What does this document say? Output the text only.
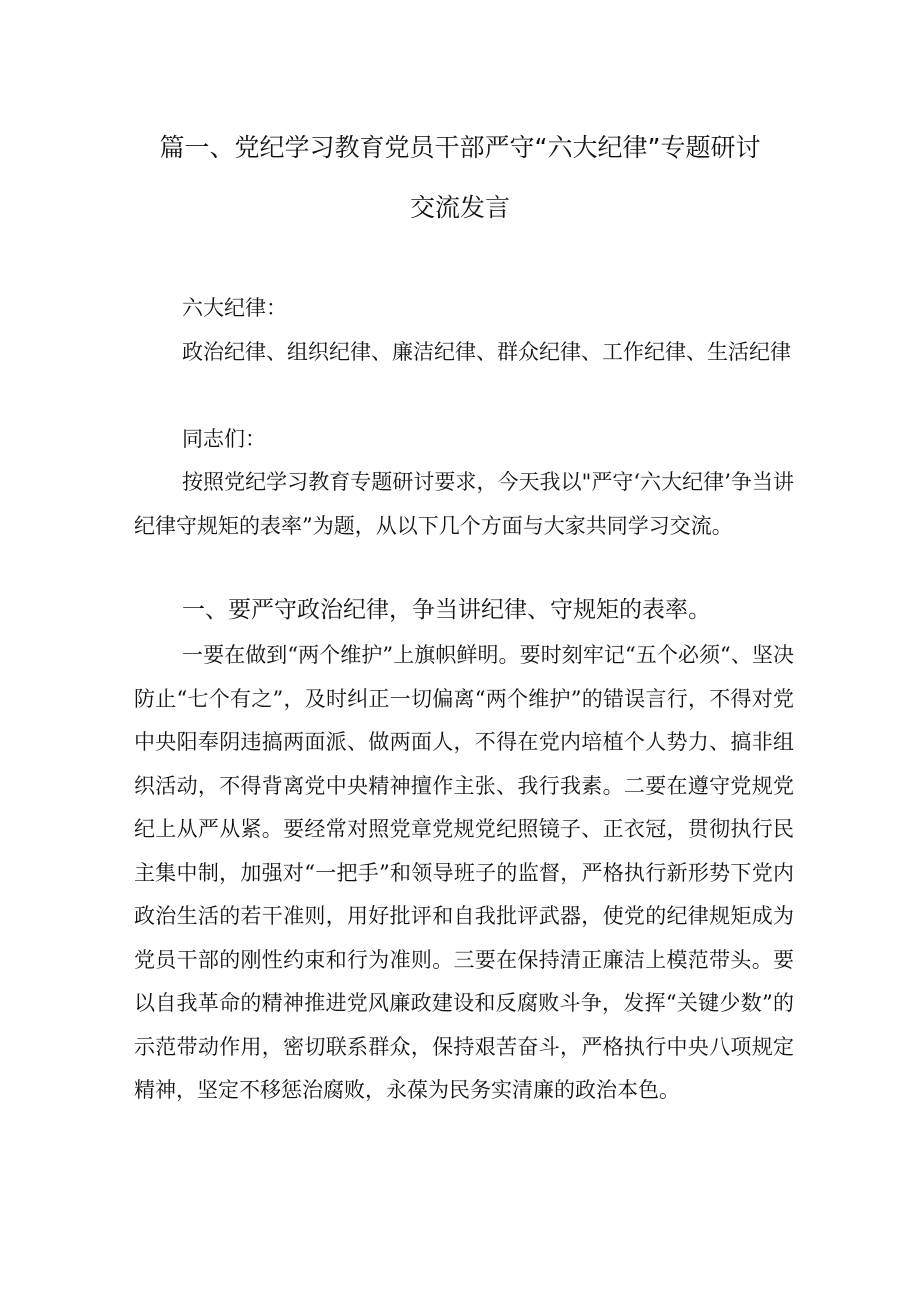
篇一、党纪学习教育党员干部严守“六大纪律”专题研讨
交流发言

六大纪律：

政治纪律、组织纪律、廉洁纪律、群众纪律、工作纪律、生活纪律

同志们：

按照党纪学习教育专题研讨要求，今天我以"严守‘六大纪律’争当讲纪律守规矩的表率”为题，从以下几个方面与大家共同学习交流。

一、要严守政治纪律，争当讲纪律、守规矩的表率。

一要在做到“两个维护”上旗帜鲜明。要时刻牢记“五个必须“、坚决防止“七个有之”，及时纠正一切偏离“两个维护”的错误言行，不得对党中央阳奉阴违搞两面派、做两面人，不得在党内培植个人势力、搞非组织活动，不得背离党中央精神擅作主张、我行我素。二要在遵守党规党纪上从严从紧。要经常对照党章党规党纪照镜子、正衣冠，贯彻执行民主集中制，加强对“一把手”和领导班子的监督，严格执行新形势下党内政治生活的若干准则，用好批评和自我批评武器，使党的纪律规矩成为党员干部的刚性约束和行为准则。三要在保持清正廉洁上模范带头。要以自我革命的精神推进党风廉政建设和反腐败斗争，发挥“关键少数”的示范带动作用，密切联系群众，保持艰苦奋斗，严格执行中央八项规定精神，坚定不移惩治腐败，永葆为民务实清廉的政治本色。
